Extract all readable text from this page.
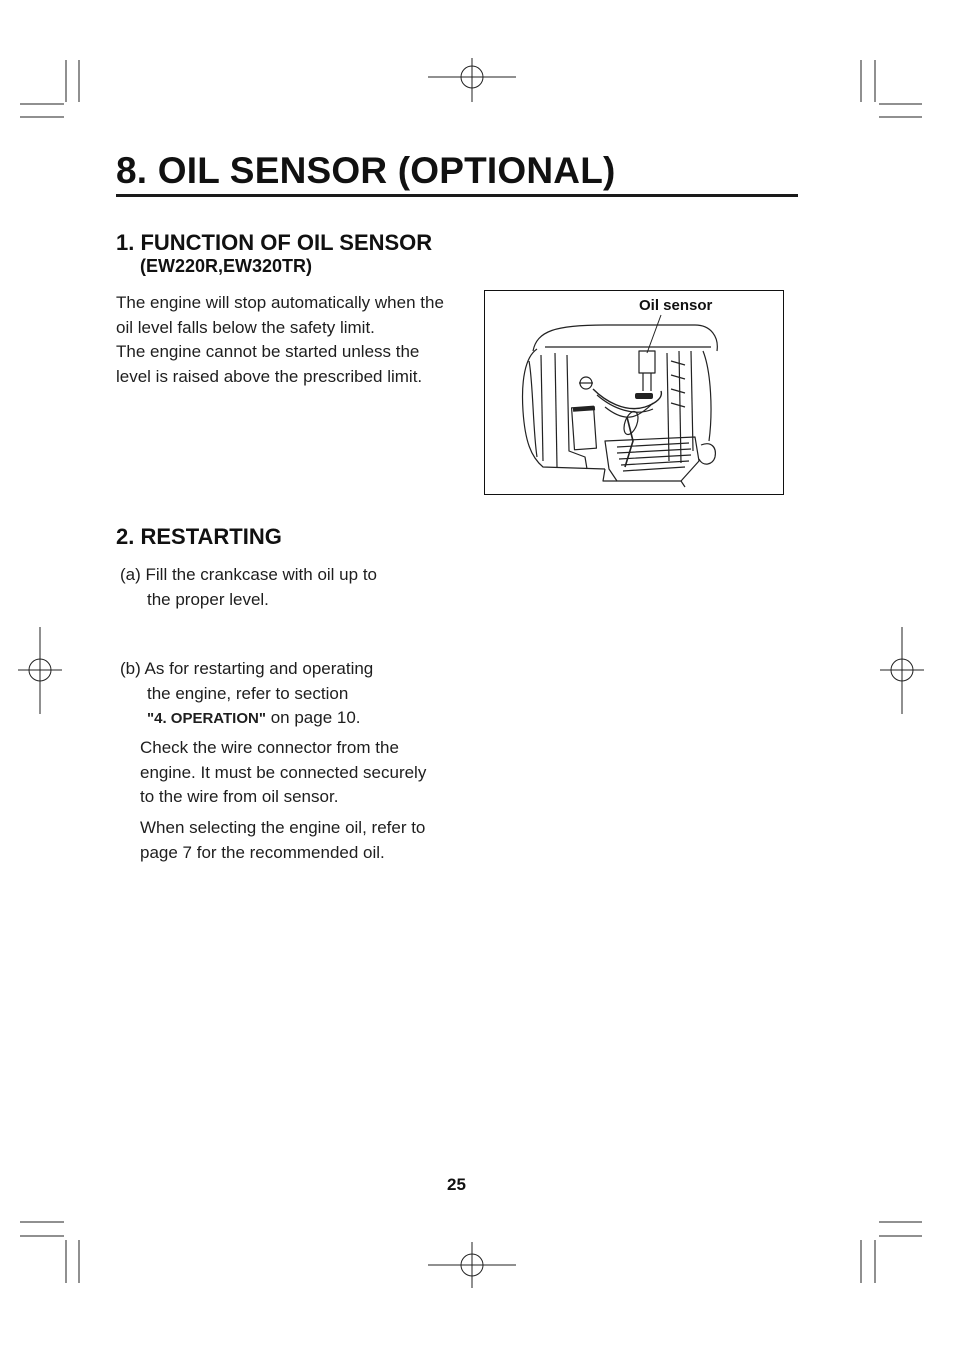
8. OIL SENSOR (OPTIONAL)
1. FUNCTION OF OIL SENSOR
(EW220R,EW320TR)

The engine will stop automatically when the

oil level falls below the safety limit.

The engine cannot be started unless the

level is raised above the prescribed limit.

Oil sensor
2. RESTARTING

(a) Fill the crankcase with oil up to

the proper level.

(b) As for restarting and operating

the engine, refer to section

"4. OPERATION" on page 10.

Check the wire connector from the

engine. It must be connected securely

to the wire from oil sensor.

When selecting the engine oil, refer to

page 7 for the recommended oil.

25
